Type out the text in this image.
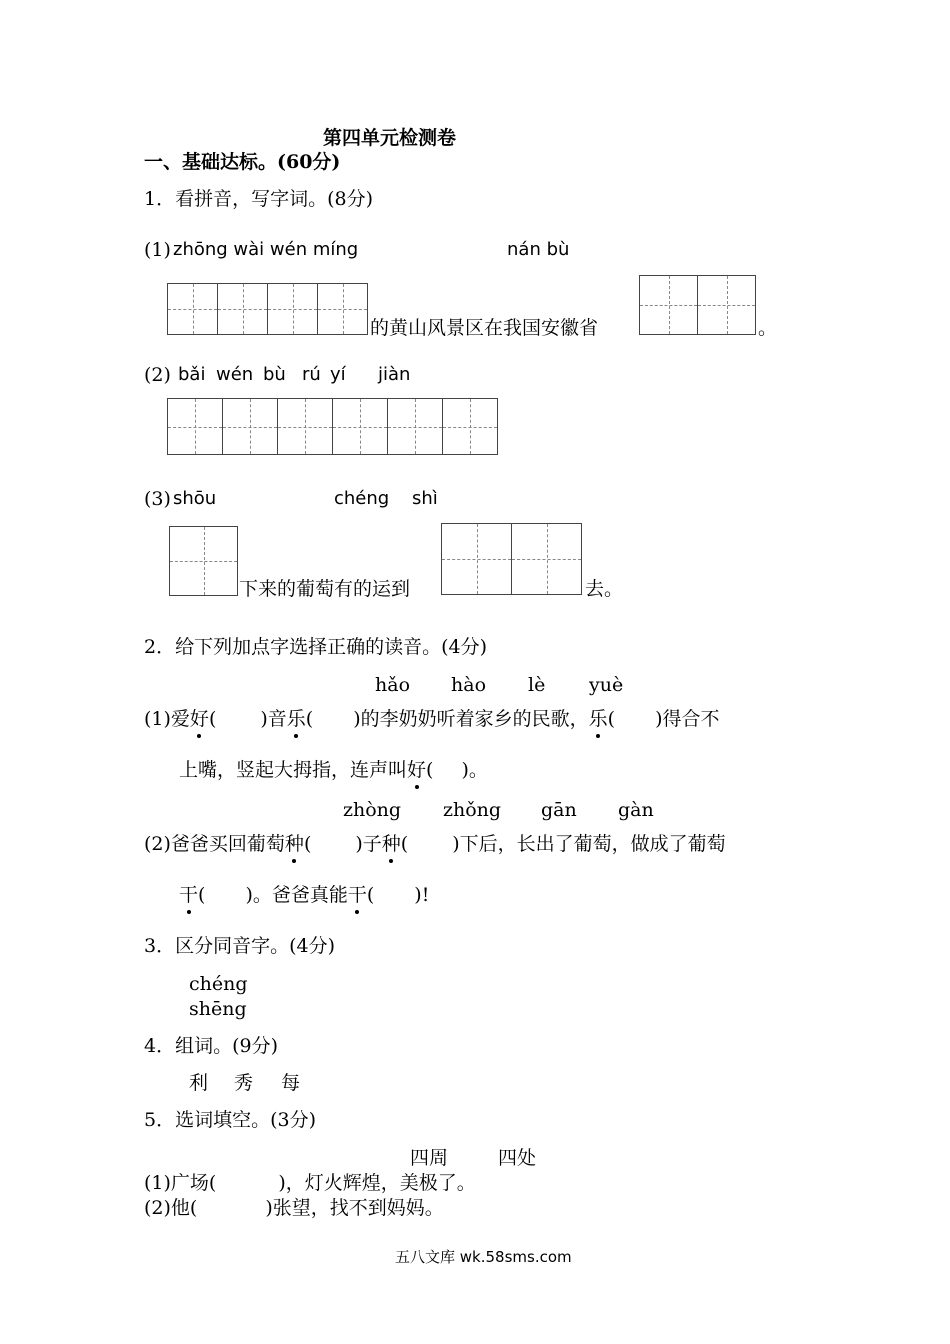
第四单元检测卷
一、基础达标。(60分)
1．看拼音，写字词。(8分)
(1) zhōng wài wén míng	nán bù
的黄山风景区在我国安徽省	。
(2) bǎi wén bù rú yí jiàn
(3) shōu	chéng shì
下来的葡萄有的运到	去。
2．给下列加点字选择正确的读音。(4分)
hǎo hào lè yuè
(1)爱好( )音乐( )的李奶奶听着家乡的民歌，乐( )得合不
上嘴，竖起大拇指，连声叫好( )。
zhòng zhǒng gān gàn
(2)爸爸买回葡萄种( )子种( )下后，长出了葡萄，做成了葡萄
干( )。爸爸真能干( )!
3．区分同音字。(4分)
chéng
shēng
4．组词。(9分)
利 秀 每
5．选词填空。(3分)
四周	四处
(1)广场(	)，灯火辉煌，美极了。
(2)他(	)张望，找不到妈妈。
五八文库 wk.58sms.com
